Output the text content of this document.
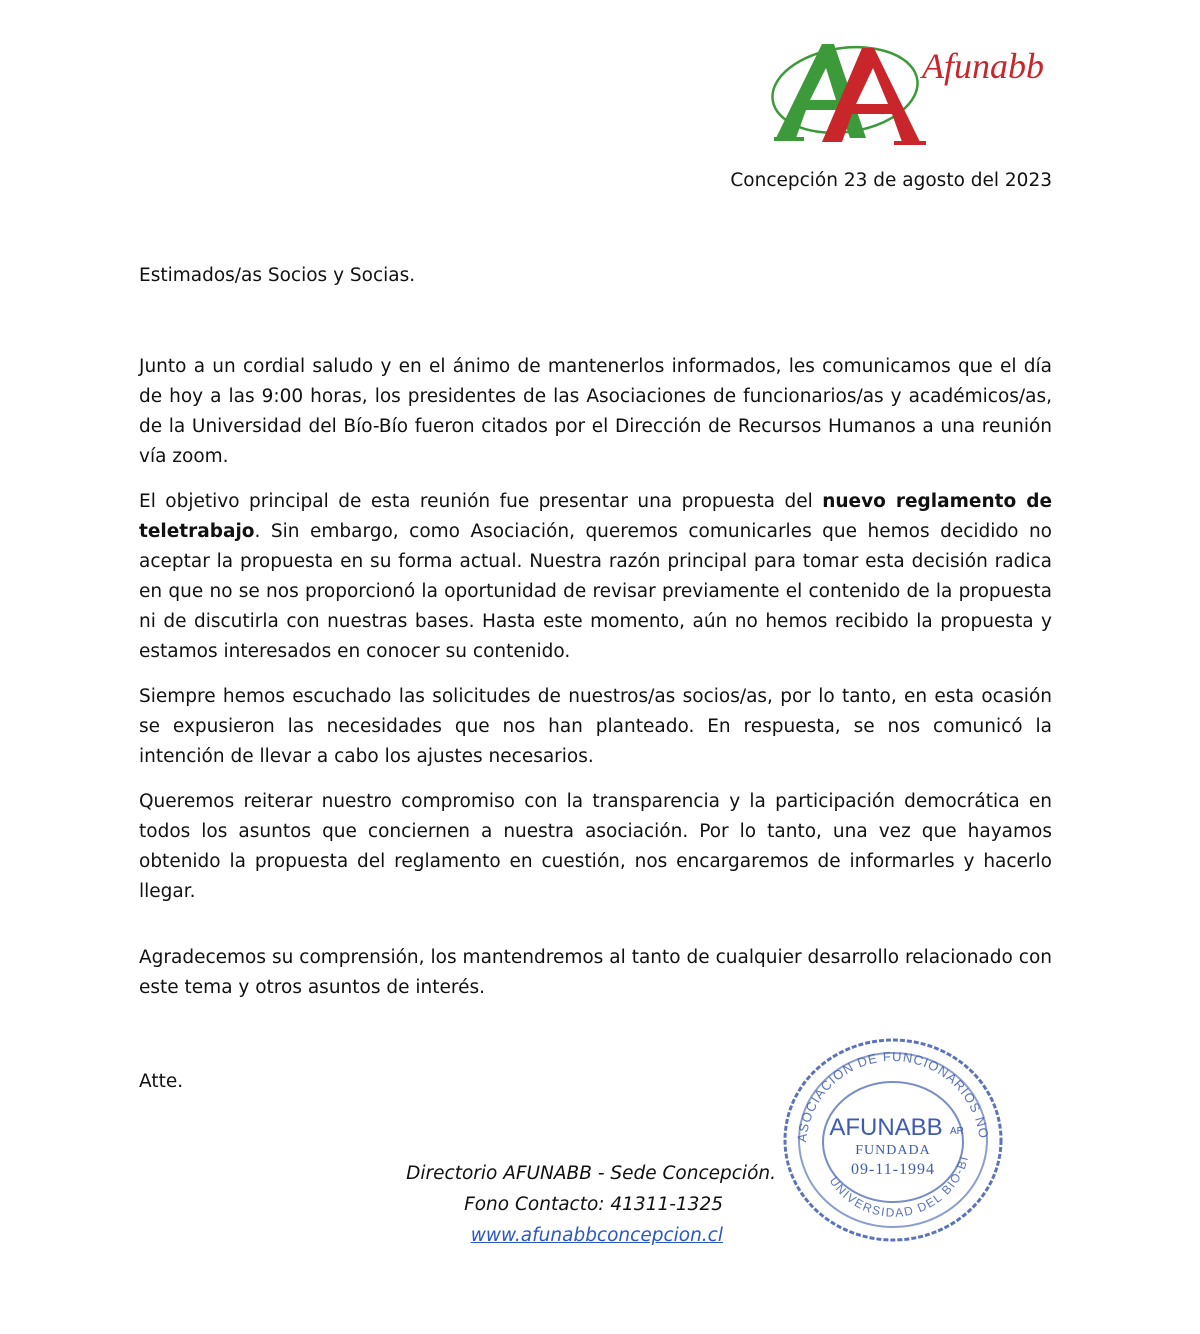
Afunabb
Concepción 23 de agosto del 2023
Estimados/as Socios y Socias.

Junto a un cordial saludo y en el ánimo de mantenerlos informados, les comunicamos que el día de hoy a las 9:00 horas, los presidentes de las Asociaciones de funcionarios/as y académicos/as, de la Universidad del Bío-Bío fueron citados por el Dirección de Recursos Humanos a una reunión vía zoom.

El objetivo principal de esta reunión fue presentar una propuesta del nuevo reglamento de teletrabajo. Sin embargo, como Asociación, queremos comunicarles que hemos decidido no aceptar la propuesta en su forma actual. Nuestra razón principal para tomar esta decisión radica en que no se nos proporcionó la oportunidad de revisar previamente el contenido de la propuesta ni de discutirla con nuestras bases. Hasta este momento, aún no hemos recibido la propuesta y estamos interesados en conocer su contenido.

Siempre hemos escuchado las solicitudes de nuestros/as socios/as, por lo tanto, en esta ocasión se expusieron las necesidades que nos han planteado. En respuesta, se nos comunicó la intención de llevar a cabo los ajustes necesarios.

Queremos reiterar nuestro compromiso con la transparencia y la participación democrática en todos los asuntos que conciernen a nuestra asociación. Por lo tanto, una vez que hayamos obtenido la propuesta del reglamento en cuestión, nos encargaremos de informarles y hacerlo llegar.

Agradecemos su comprensión, los mantendremos al tanto de cualquier desarrollo relacionado con este tema y otros asuntos de interés.

Atte.
Directorio AFUNABB - Sede Concepción.
Fono Contacto: 41311-1325
www.afunabbconcepcion.cl
ASOCIACION DE FUNCIONARIOS NO
UNIVERSIDAD DEL BIO-BI
AFUNABB AR
FUNDADA
09-11-1994
